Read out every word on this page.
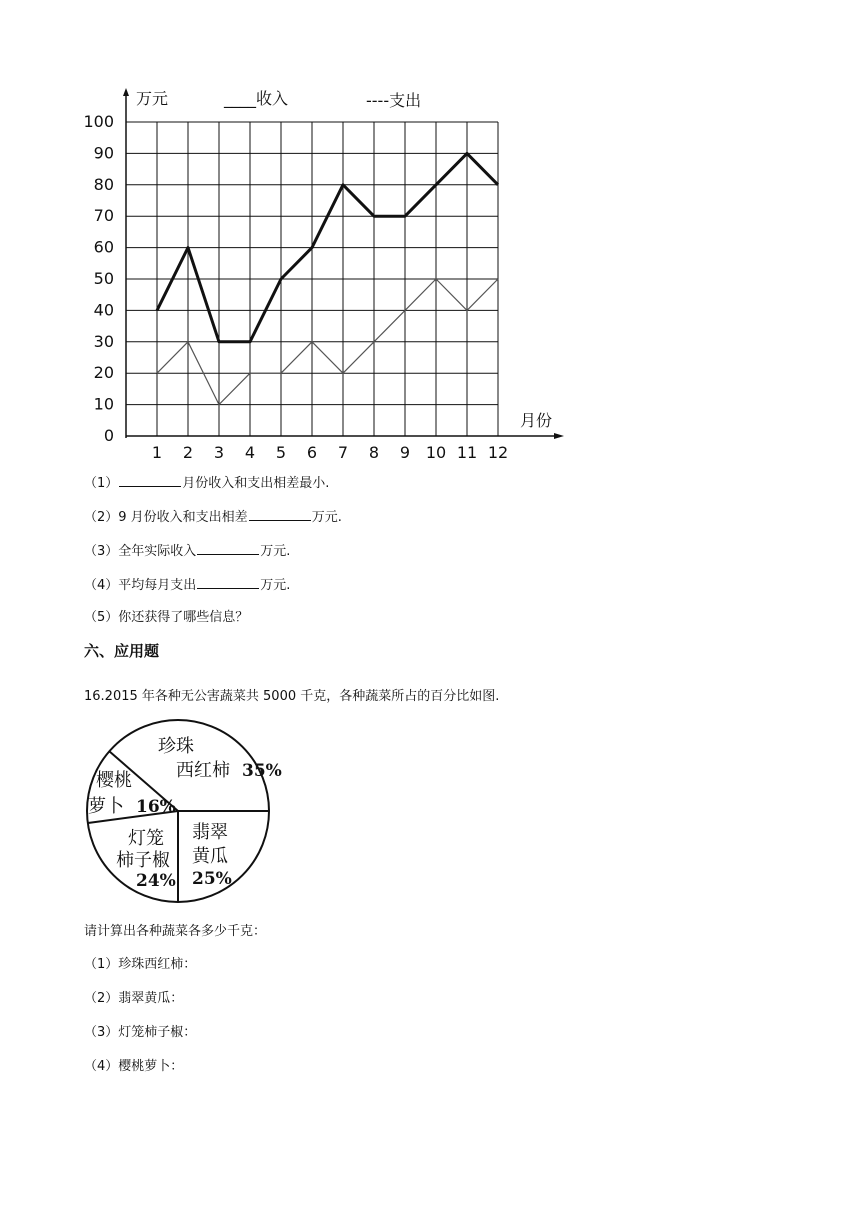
0
10
20
30
40
50
60
70
80
90
100
1 2 3 4 5 6 7 8 9 10 11 12
万元	____收入	----支出
月份
（1）	月份收入和支出相差最小.
（2）9 月份收入和支出相差	万元.
（3）全年实际收入	万元.
（4）平均每月支出	万元.
（5）你还获得了哪些信息？
六、应用题
16.2015 年各种无公害蔬菜共 5000 千克，各种蔬菜所占的百分比如图.
珍珠
西红柿 35%
翡翠
黄瓜
25%
灯笼
柿子椒
24%
樱桃
萝卜 16%
请计算出各种蔬菜各多少千克：
（1）珍珠西红柿：
（2）翡翠黄瓜：
（3）灯笼柿子椒：
（4）樱桃萝卜：
